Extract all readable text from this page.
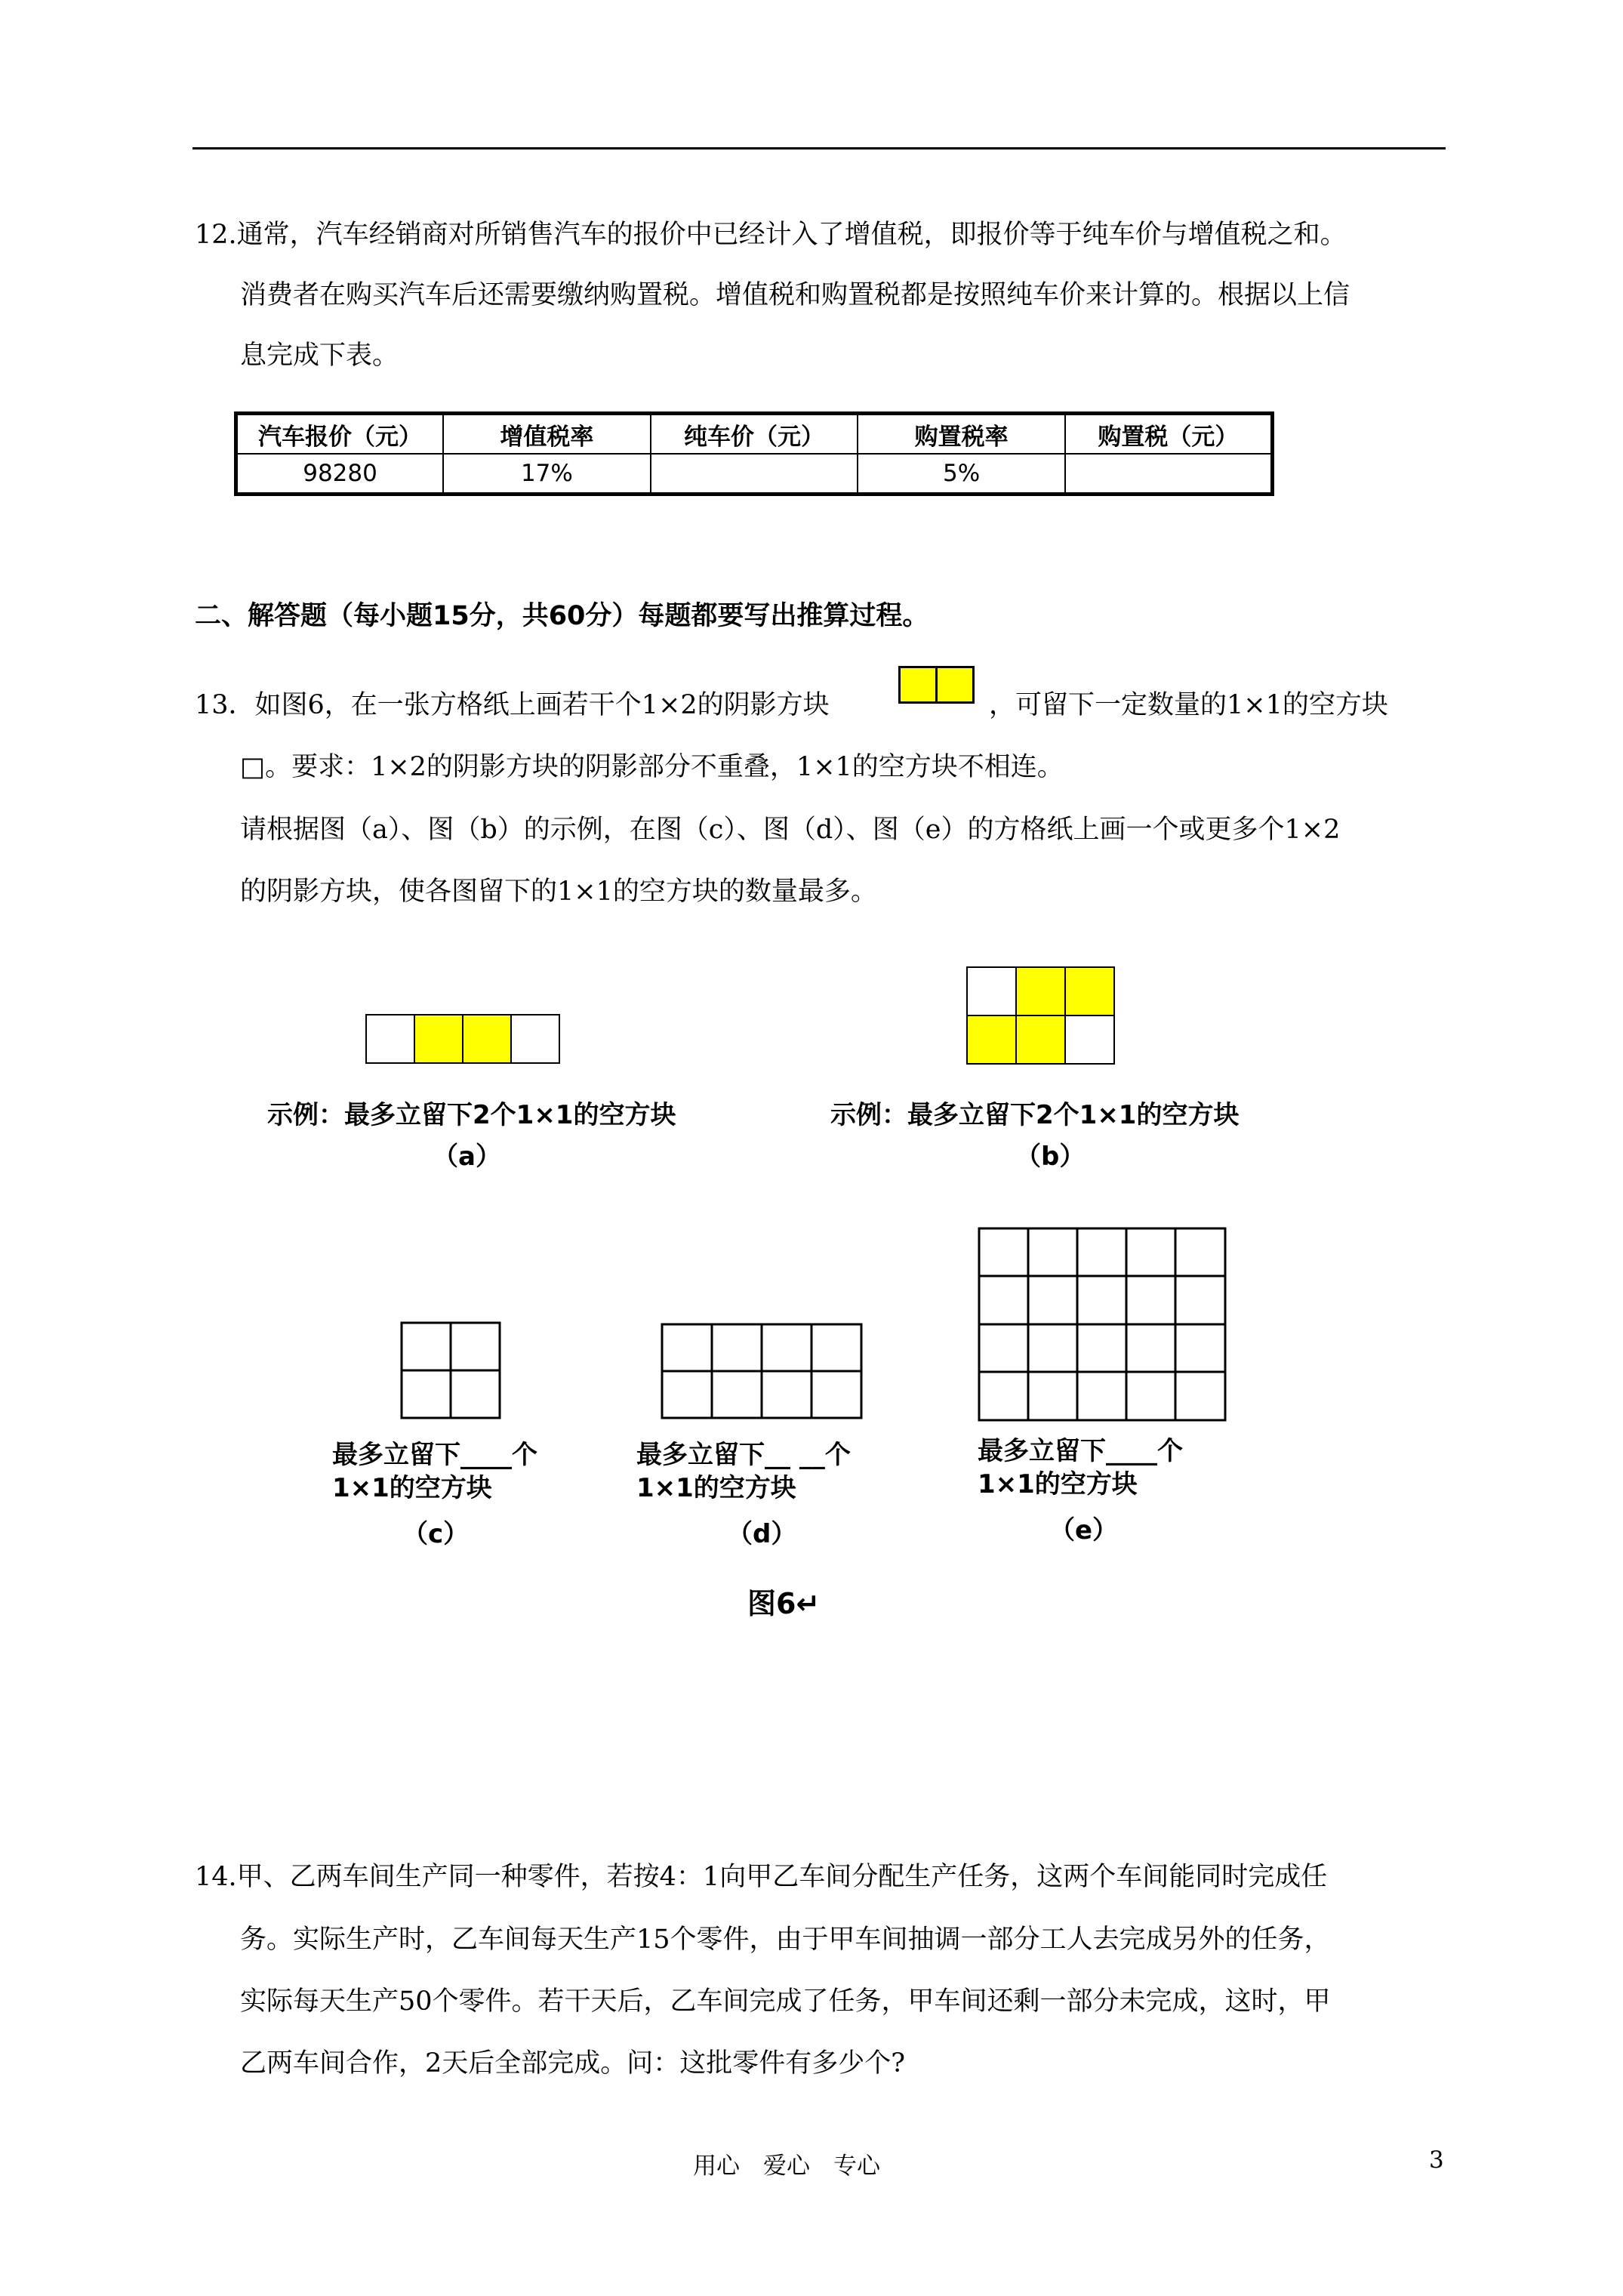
12.通常，汽车经销商对所销售汽车的报价中已经计入了增值税，即报价等于纯车价与增值税之和。
消费者在购买汽车后还需要缴纳购置税。增值税和购置税都是按照纯车价来计算的。根据以上信
息完成下表。
汽车报价（元）	增值税率	纯车价（元）	购置税率	购置税（元）
98280	17%		5%	
二、解答题（每小题15分，共60分）每题都要写出推算过程。
13．如图6，在一张方格纸上画若干个1×2的阴影方块	，可留下一定数量的1×1的空方块
□。要求：1×2的阴影方块的阴影部分不重叠，1×1的空方块不相连。
请根据图（a）、图（b）的示例，在图（c）、图（d）、图（e）的方格纸上画一个或更多个1×2
的阴影方块，使各图留下的1×1的空方块的数量最多。
示例：最多立留下2个1×1的空方块
（a）
示例：最多立留下2个1×1的空方块
（b）
最多立留下____个
1×1的空方块
（c）
最多立留下__ __个
1×1的空方块
（d）
最多立留下____个
1×1的空方块
（e）
图6↵
14.甲、乙两车间生产同一种零件，若按4：1向甲乙车间分配生产任务，这两个车间能同时完成任
务。实际生产时，乙车间每天生产15个零件，由于甲车间抽调一部分工人去完成另外的任务，
实际每天生产50个零件。若干天后，乙车间完成了任务，甲车间还剩一部分未完成，这时，甲
乙两车间合作，2天后全部完成。问：这批零件有多少个?
用心　爱心　专心	3
